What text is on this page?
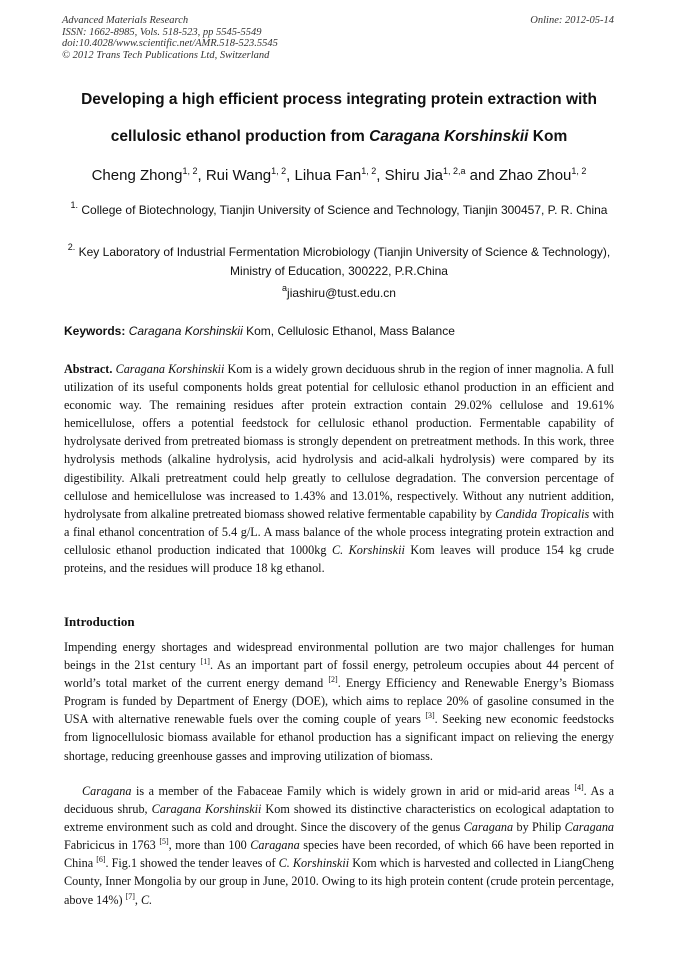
Advanced Materials Research
ISSN: 1662-8985, Vols. 518-523, pp 5545-5549
doi:10.4028/www.scientific.net/AMR.518-523.5545
© 2012 Trans Tech Publications Ltd, Switzerland
Online: 2012-05-14
Developing a high efficient process integrating protein extraction with
cellulosic ethanol production from Caragana Korshinskii Kom
Cheng Zhong$^{1, 2}$, Rui Wang$^{1, 2}$, Lihua Fan$^{1, 2}$, Shiru Jia$^{1, 2,a}$ and Zhao Zhou$^{1, 2}$
$^{1.}$ College of Biotechnology, Tianjin University of Science and Technology, Tianjin 300457, P. R. China
$^{2.}$ Key Laboratory of Industrial Fermentation Microbiology (Tianjin University of Science & Technology), Ministry of Education, 300222, P.R.China
$^a$jiashiru@tust.edu.cn
Keywords: Caragana Korshinskii Kom, Cellulosic Ethanol, Mass Balance
Abstract. Caragana Korshinskii Kom is a widely grown deciduous shrub in the region of inner magnolia. A full utilization of its useful components holds great potential for cellulosic ethanol production in an efficient and economic way. The remaining residues after protein extraction contain 29.02% cellulose and 19.61% hemicellulose, offers a potential feedstock for cellulosic ethanol production. Fermentable capability of hydrolysate derived from pretreated biomass is strongly dependent on pretreatment methods. In this work, three hydrolysis methods (alkaline hydrolysis, acid hydrolysis and acid-alkali hydrolysis) were compared by its digestibility. Alkali pretreatment could help greatly to cellulose degradation. The conversion percentage of cellulose and hemicellulose was increased to 1.43% and 13.01%, respectively. Without any nutrient addition, hydrolysate from alkaline pretreated biomass showed relative fermentable capability by Candida Tropicalis with a final ethanol concentration of 5.4 g/L. A mass balance of the whole process integrating protein extraction and cellulosic ethanol production indicated that 1000kg C. Korshinskii Kom leaves will produce 154 kg crude proteins, and the residues will produce 18 kg ethanol.
Introduction
Impending energy shortages and widespread environmental pollution are two major challenges for human beings in the 21st century [1]. As an important part of fossil energy, petroleum occupies about 44 percent of world’s total market of the current energy demand [2]. Energy Efficiency and Renewable Energy’s Biomass Program is funded by Department of Energy (DOE), which aims to replace 20% of gasoline consumed in the USA with alternative renewable fuels over the coming couple of years [3]. Seeking new economic feedstocks from lignocellulosic biomass available for ethanol production has a significant impact on relieving the energy shortage, reducing greenhouse gasses and improving utilization of biomass.
Caragana is a member of the Fabaceae Family which is widely grown in arid or mid-arid areas [4]. As a deciduous shrub, Caragana Korshinskii Kom showed its distinctive characteristics on ecological adaptation to extreme environment such as cold and drought. Since the discovery of the genus Caragana by Philip Caragana Fabricicus in 1763 [5], more than 100 Caragana species have been recorded, of which 66 have been reported in China [6]. Fig.1 showed the tender leaves of C. Korshinskii Kom which is harvested and collected in LiangCheng County, Inner Mongolia by our group in June, 2010. Owing to its high protein content (crude protein percentage, above 14%) [7], C.
